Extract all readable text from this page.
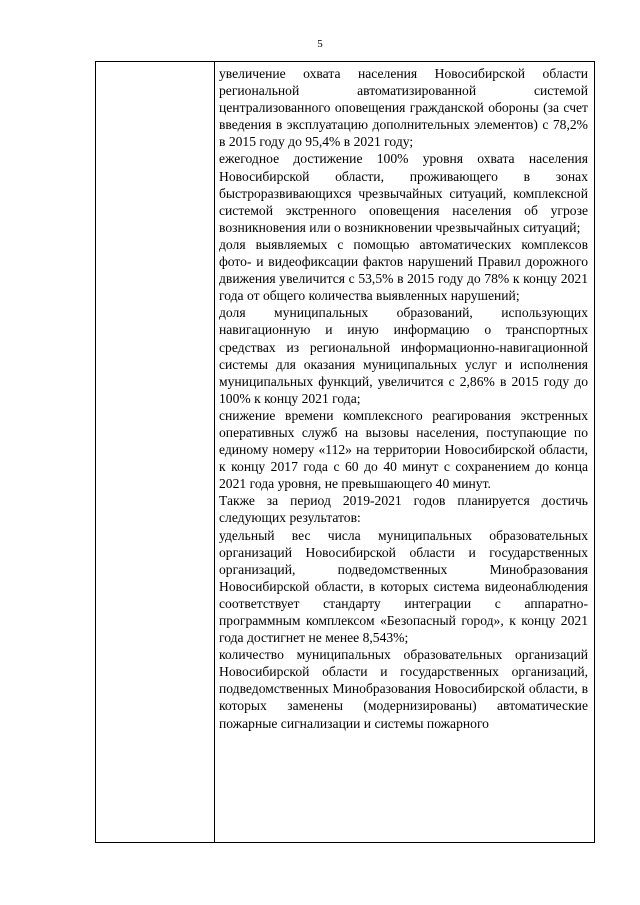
5

увеличение охвата населения Новосибирской области региональной автоматизированной системой централизованного оповещения гражданской обороны (за счет введения в эксплуатацию дополнительных элементов) с 78,2% в 2015 году до 95,4% в 2021 году;

ежегодное достижение 100% уровня охвата населения Новосибирской области, проживающего в зонах быстроразвивающихся чрезвычайных ситуаций, комплексной системой экстренного оповещения населения об угрозе возникновения или о возникновении чрезвычайных ситуаций;

доля выявляемых с помощью автоматических комплексов фото- и видеофиксации фактов нарушений Правил дорожного движения увеличится с 53,5% в 2015 году до 78% к концу 2021 года от общего количества выявленных нарушений;

доля муниципальных образований, использующих навигационную и иную информацию о транспортных средствах из региональной информационно-навигационной системы для оказания муниципальных услуг и исполнения муниципальных функций, увеличится с 2,86% в 2015 году до 100% к концу 2021 года;

снижение времени комплексного реагирования экстренных оперативных служб на вызовы населения, поступающие по единому номеру «112» на территории Новосибирской области, к концу 2017 года с 60 до 40 минут с сохранением до конца 2021 года уровня, не превышающего 40 минут.

Также за период 2019-2021 годов планируется достичь следующих результатов:

удельный вес числа муниципальных образовательных организаций Новосибирской области и государственных организаций, подведомственных Минобразования Новосибирской области, в которых система видеонаблюдения соответствует стандарту интеграции с аппаратно-программным комплексом «Безопасный город», к концу 2021 года достигнет не менее 8,543%;

количество муниципальных образовательных организаций Новосибирской области и государственных организаций, подведомственных Минобразования Новосибирской области, в которых заменены (модернизированы) автоматические пожарные сигнализации и системы пожарного
